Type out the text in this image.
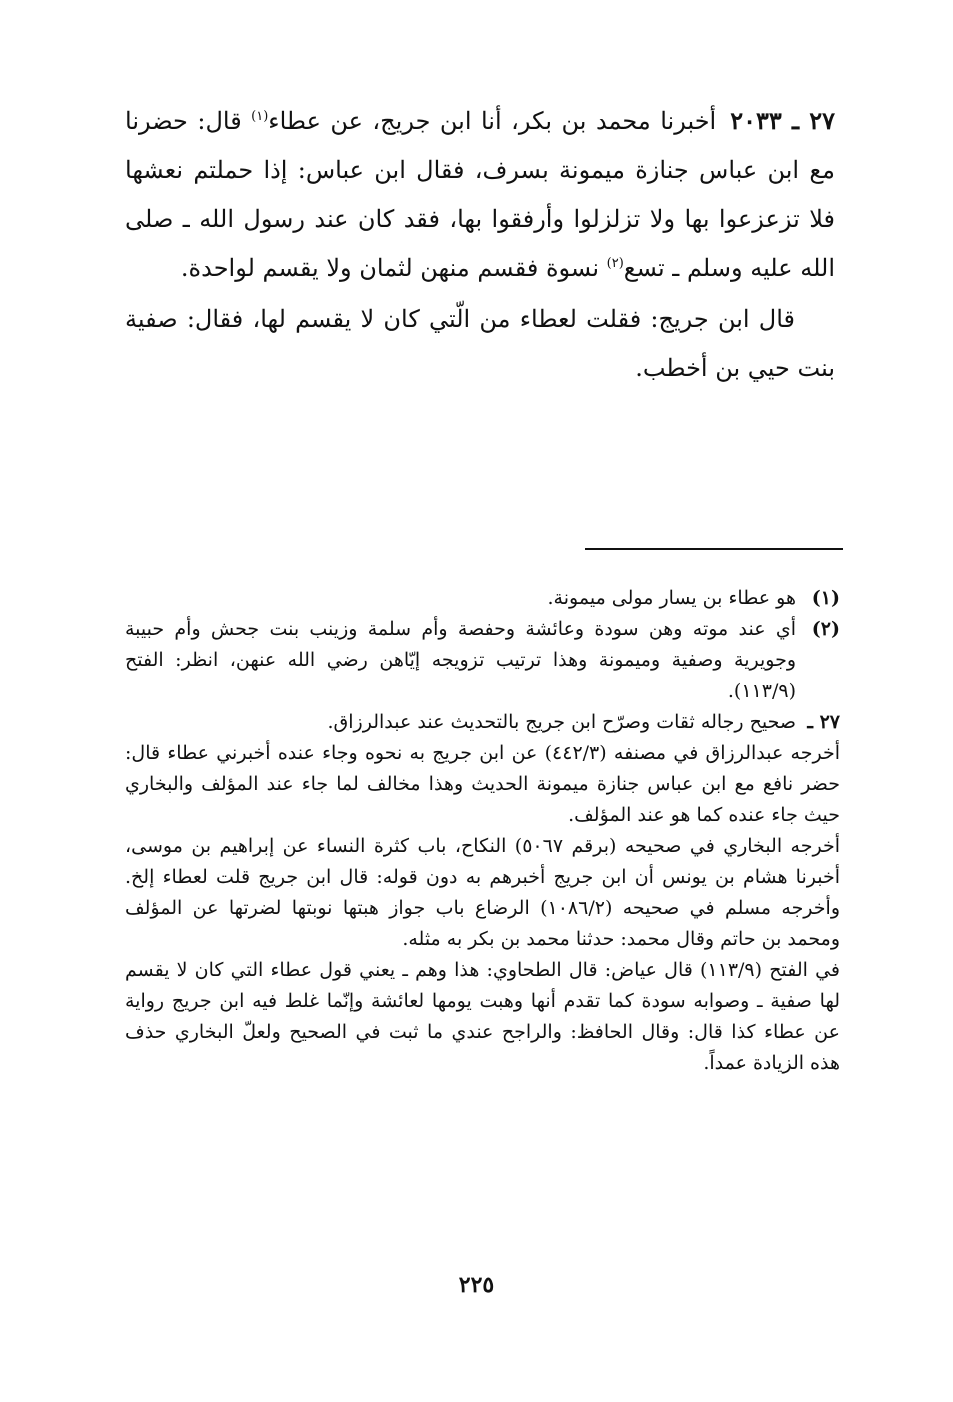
٢٧ ـ ٢٠٣٣أخبرنا محمد بن بكر، أنا ابن جريج، عن عطاء$^{(١)}$ قال: حضرنا مع ابن عباس جنازة ميمونة بسرف، فقال ابن عباس: إذا حملتم نعشها فلا تزعزعوا بها ولا تزلزلوا وأرفقوا بها، فقد كان عند رسول الله ـ صلى الله عليه وسلم ـ تسع$^{(٢)}$ نسوة فقسم منهن لثمان ولا يقسم لواحدة.

قال ابن جريج: فقلت لعطاء من الّتي كان لا يقسم لها، فقال: صفية بنت حيي بن أخطب.

(١)
هو عطاء بن يسار مولى ميمونة.
(٢)
أي عند موته وهن سودة وعائشة وحفصة وأم سلمة وزينب بنت جحش وأم حبيبة وجويرية وصفية وميمونة وهذا ترتيب تزويجه إيّاهن رضي الله عنهن، انظر: الفتح (١١٣/٩).
٢٧ ـ
صحيح رجاله ثقات وصرّح ابن جريج بالتحديث عند عبدالرزاق.

أخرجه عبدالرزاق في مصنفه (٤٤٢/٣) عن ابن جريج به نحوه وجاء عنده أخبرني عطاء قال: حضر نافع مع ابن عباس جنازة ميمونة الحديث وهذا مخالف لما جاء عند المؤلف والبخاري حيث جاء عنده كما هو عند المؤلف.

أخرجه البخاري في صحيحه (برقم ٥٠٦٧) النكاح، باب كثرة النساء عن إبراهيم بن موسى، أخبرنا هشام بن يونس أن ابن جريج أخبرهم به دون قوله: قال ابن جريج قلت لعطاء إلخ. وأخرجه مسلم في صحيحه (١٠٨٦/٢) الرضاع باب جواز هبتها نوبتها لضرتها عن المؤلف ومحمد بن حاتم وقال محمد: حدثنا محمد بن بكر به مثله.

في الفتح (١١٣/٩) قال عياض: قال الطحاوي: هذا وهم ـ يعني قول عطاء التي كان لا يقسم لها صفية ـ وصوابه سودة كما تقدم أنها وهبت يومها لعائشة وإنّما غلط فيه ابن جريج رواية عن عطاء كذا قال: وقال الحافظ: والراجح عندي ما ثبت في الصحيح ولعلّ البخاري حذف هذه الزيادة عمداً.

٢٢٥
